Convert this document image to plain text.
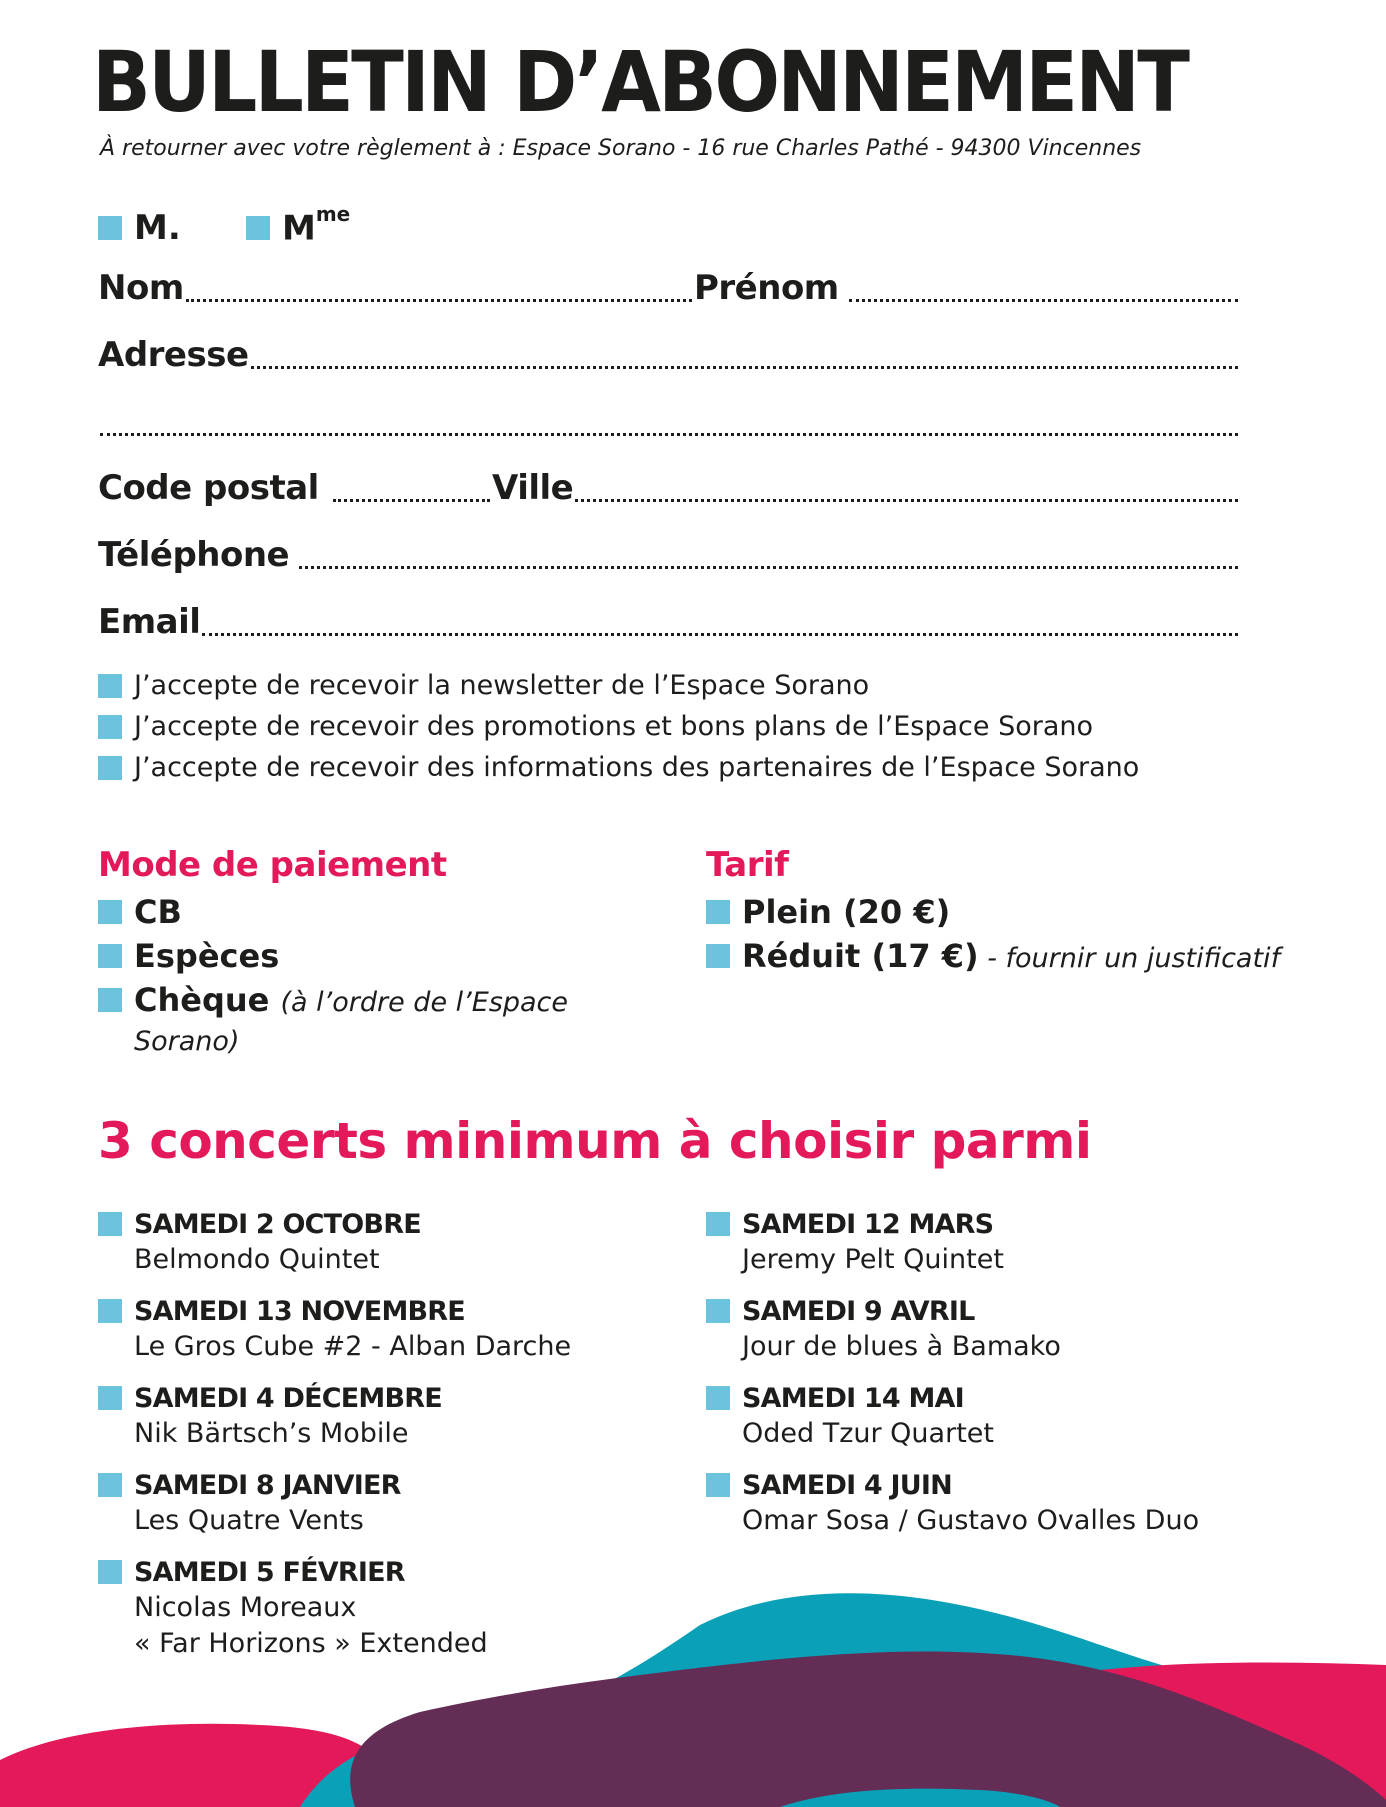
BULLETIN D’ABONNEMENT
À retourner avec votre règlement à : Espace Sorano - 16 rue Charles Pathé - 94300 Vincennes
M.	$M^{me}$
Nom	Prénom
Adresse
Code postal	Ville
Téléphone
Email
J’accepte de recevoir la newsletter de l’Espace Sorano
J’accepte de recevoir des promotions et bons plans de l’Espace Sorano
J’accepte de recevoir des informations des partenaires de l’Espace Sorano
Mode de paiement
CB
Espèces
Chèque (à l’ordre de l’Espace
Sorano)
Tarif
Plein (20 €)
Réduit (17 €) - fournir un justificatif
3 concerts minimum à choisir parmi
SAMEDI 2 OCTOBRE
Belmondo Quintet
SAMEDI 13 NOVEMBRE
Le Gros Cube #2 - Alban Darche
SAMEDI 4 DÉCEMBRE
Nik Bärtsch’s Mobile
SAMEDI 8 JANVIER
Les Quatre Vents
SAMEDI 5 FÉVRIER
Nicolas Moreaux
« Far Horizons » Extended
SAMEDI 12 MARS
Jeremy Pelt Quintet
SAMEDI 9 AVRIL
Jour de blues à Bamako
SAMEDI 14 MAI
Oded Tzur Quartet
SAMEDI 4 JUIN
Omar Sosa / Gustavo Ovalles Duo
